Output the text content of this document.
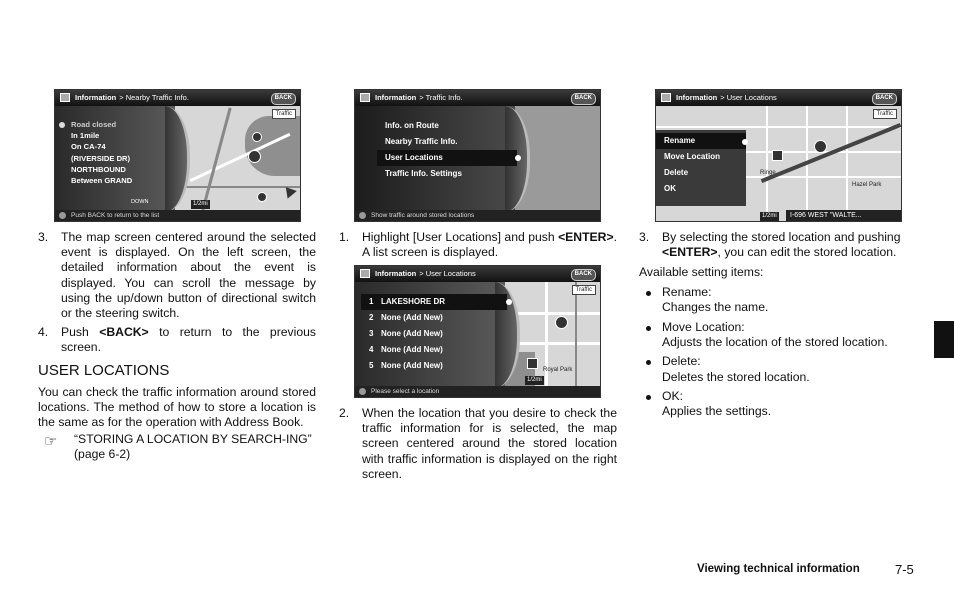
Information > Nearby Traffic Info.	BACK
Traffic
Road closed
In 1mile
On CA-74
(RIVERSIDE DR)
NORTHBOUND
Between GRAND
DOWN	1/2mi
Push BACK to return to the list
Information > Traffic Info.	BACK
Info. on Route
Nearby Traffic Info.
User Locations
Traffic Info. Settings
Show traffic around stored locations
Information > User Locations	BACK
Traffic
1 LAKESHORE DR
2 None (Add New)
3 None (Add New)
4 None (Add New)
5 None (Add New)	Royal Park
1/2mi
Please select a location
Rename
Move Location
Delete
OK
Information > User Locations	BACK
Traffic
Ringe
Hazel Park
1/2mi	I-696 WEST "WALTE...
3. The map screen centered around the selected event is displayed. On the left screen, the detailed information about the event is displayed. You can scroll the message by using the up/down button of directional switch or the steering switch.
4. Push <BACK> to return to the previous screen.
USER LOCATIONS
You can check the traffic information around stored locations. The method of how to store a location is the same as for the operation with Address Book.
☞ “STORING A LOCATION BY SEARCH-ING” (page 6-2)
1. Highlight [User Locations] and push <ENTER>. A list screen is displayed.
2. When the location that you desire to check the traffic information for is selected, the map screen centered around the stored location with traffic information is displayed on the right screen.
3. By selecting the stored location and pushing <ENTER>, you can edit the stored location.
Available setting items:
Rename:
Changes the name.
Move Location:
Adjusts the location of the stored location.
Delete:
Deletes the stored location.
OK:
Applies the settings.
Viewing technical information	7-5
